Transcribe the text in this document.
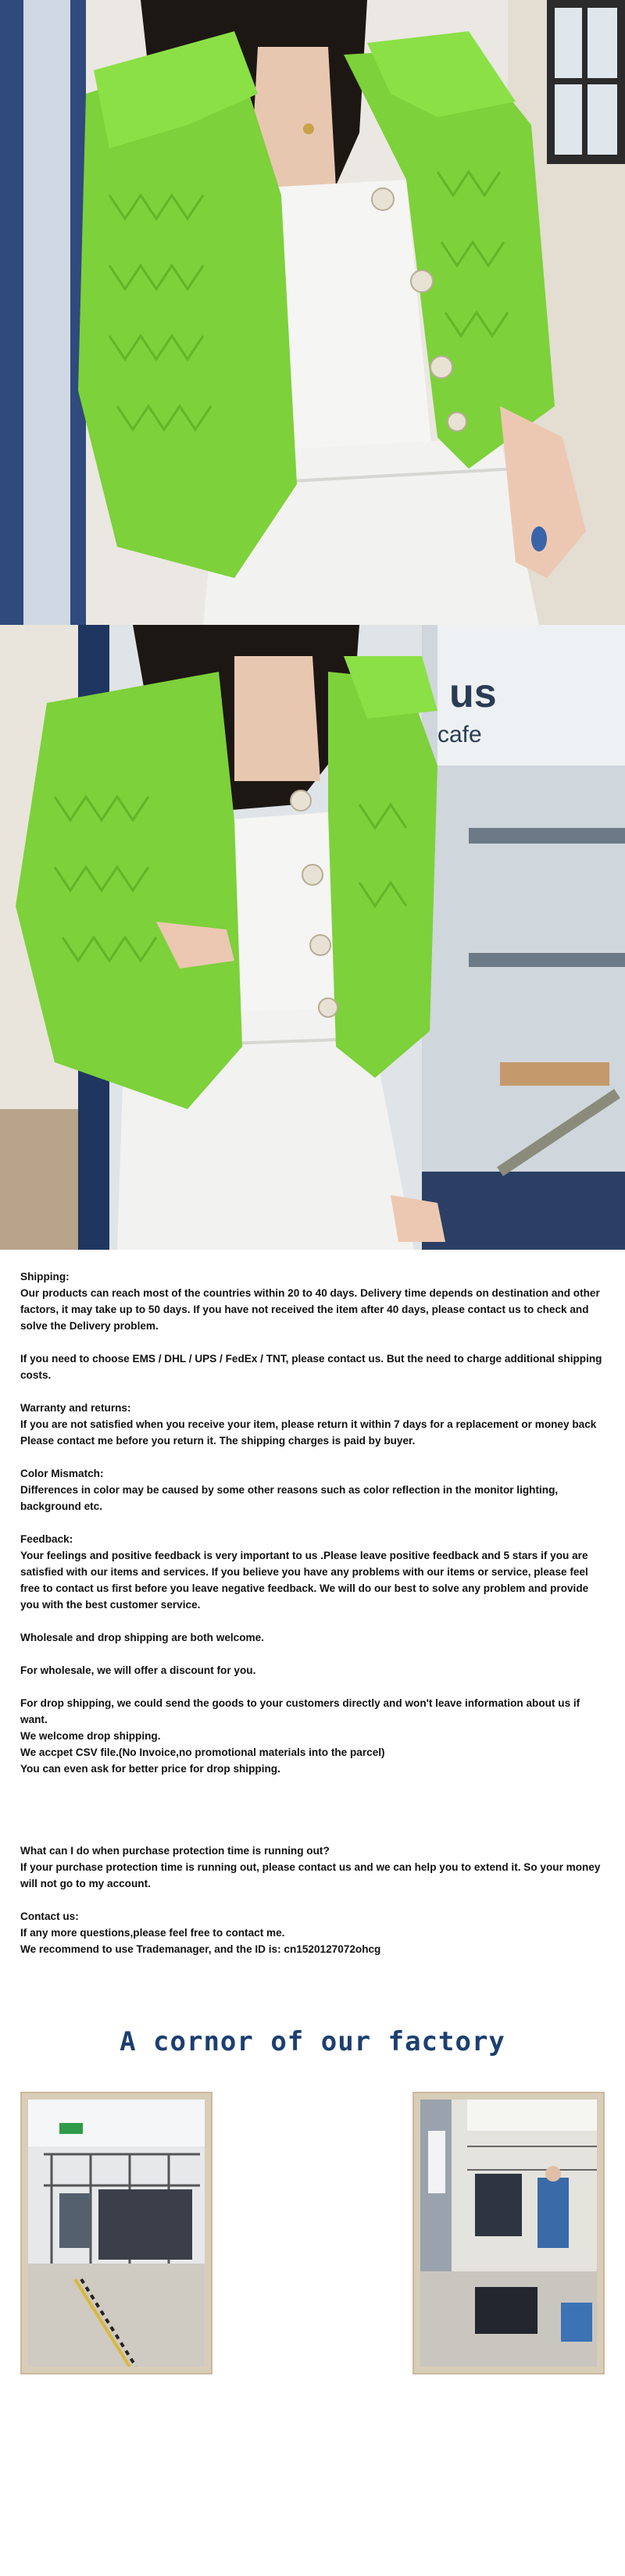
us
cafe

Shipping:

Our products can reach most of the countries within 20 to 40 days. Delivery time depends on destination and other factors, it may take up to 50 days. If you have not received the item after 40 days, please contact us to check and solve the Delivery problem.

If you need to choose EMS / DHL / UPS / FedEx / TNT, please contact us. But the need to charge additional shipping costs.

Warranty and returns:

If you are not satisfied when you receive your item, please return it within 7 days for a replacement or money back

Please contact me before you return it. The shipping charges is paid by buyer.

Color Mismatch:

Differences in color may be caused by some other reasons such as color reflection in the monitor lighting, background etc.

Feedback:

Your feelings and positive feedback is very important to us .Please leave positive feedback and 5 stars if you are satisfied with our items and services. If you believe you have any problems with our items or service, please feel free to contact us first before you leave negative feedback. We will do our best to solve any problem and provide you with the best customer service.

Wholesale and drop shipping are both welcome.

For wholesale, we will offer a discount for you.

For drop shipping, we could send the goods to your customers directly and won't leave information about us if want.

We welcome drop shipping.

We accpet CSV file.(No Invoice,no promotional materials into the parcel)

You can even ask for better price for drop shipping.

What can I do when purchase protection time is running out?

If your purchase protection time is running out, please contact us and we can help you to extend it. So your money will not go to my account.

Contact us:

If any more questions,please feel free to contact me.

We recommend to use Trademanager, and the ID is: cn1520127072ohcg

A cornor of our factory
